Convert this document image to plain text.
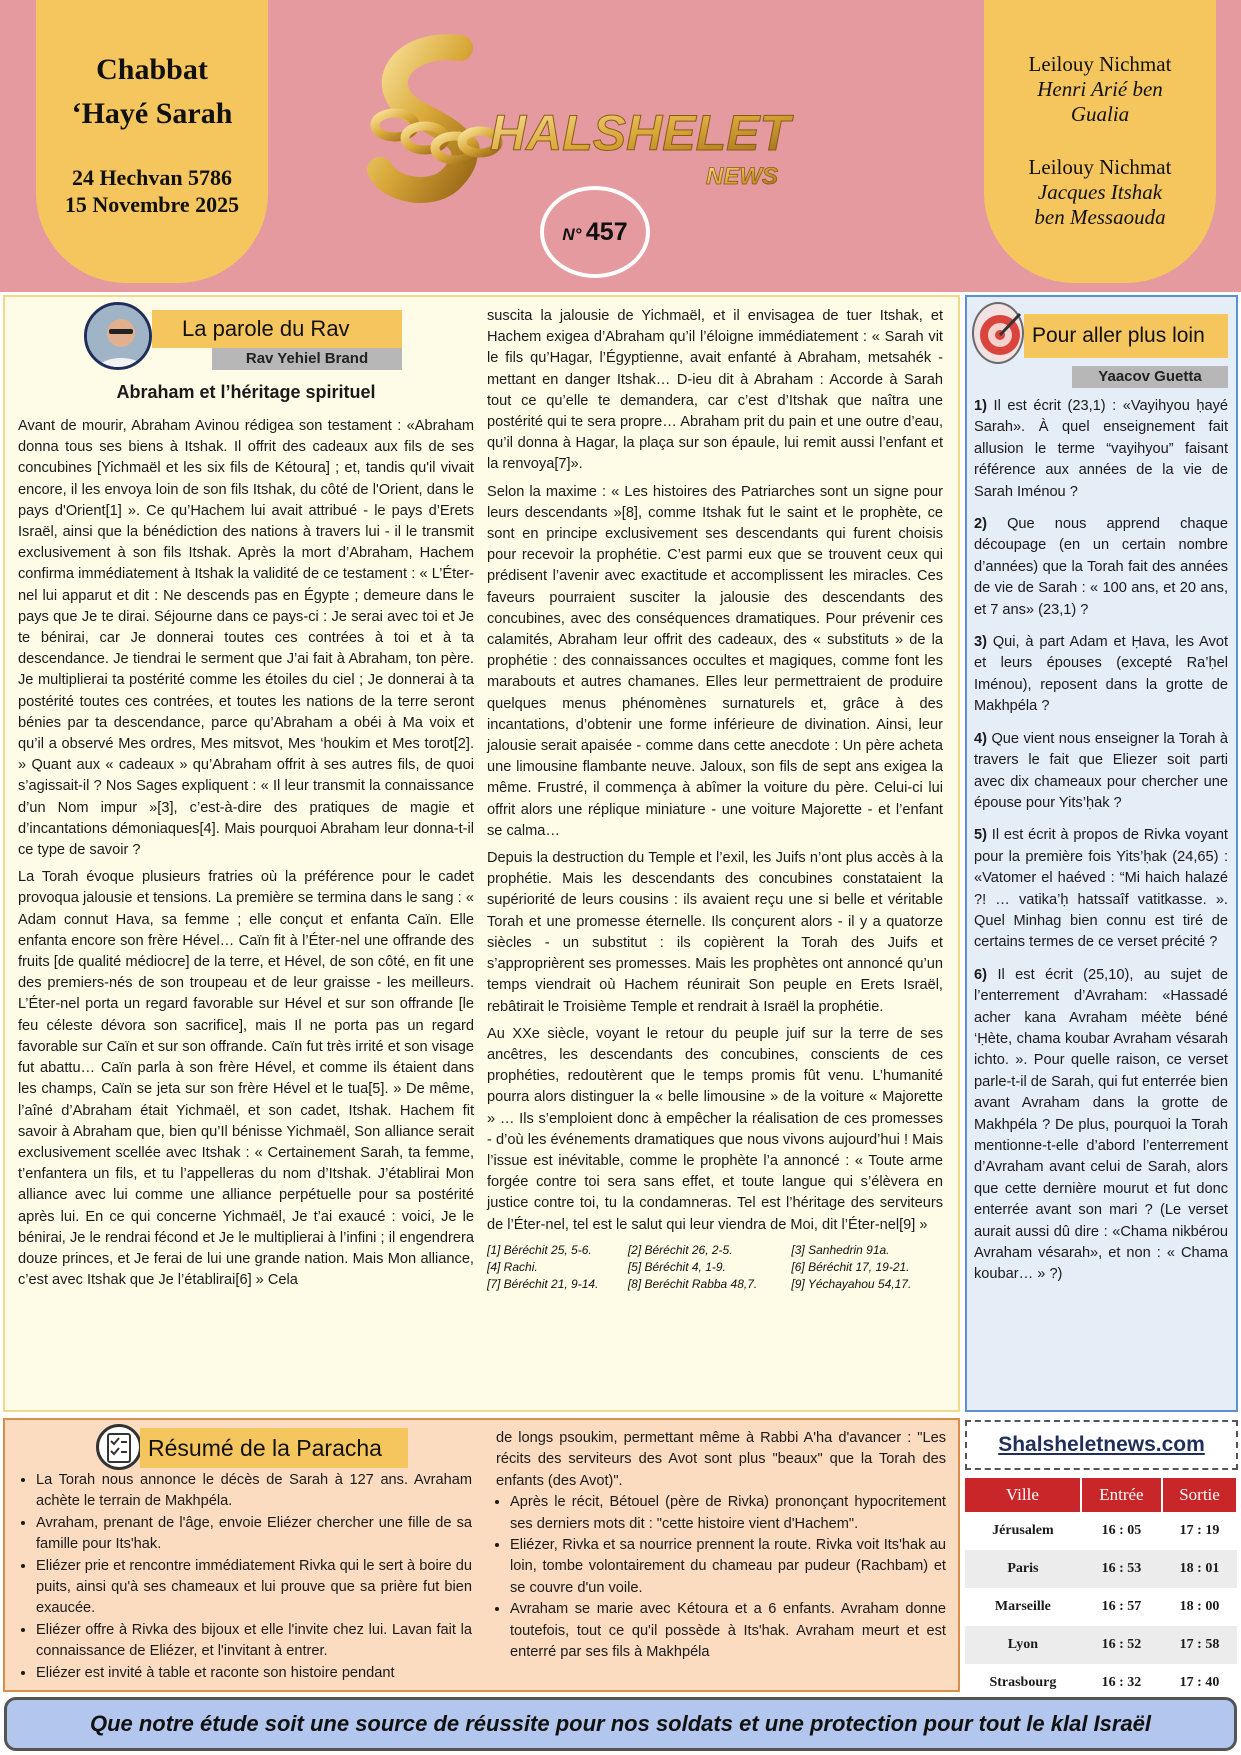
Chabbat
‘Hayé Sarah
24 Hechvan 5786
15 Novembre 2025
Leilouy Nichmat
Henri Arié ben
Gualia
Leilouy Nichmat
Jacques Itshak
ben Messaouda
HALSHELET
NEWS
N° 457
La parole du Rav
Rav Yehiel Brand
Abraham et l’héritage spirituel

Avant de mourir, Abraham Avinou rédigea son testament : «Abraham donna tous ses biens à Itshak. Il offrit des cadeaux aux fils de ses concubines [Yichmaël et les six fils de Kétoura] ; et, tandis qu'il vivait encore, il les envoya loin de son fils Itshak, du côté de l'Orient, dans le pays d'Orient[1] ». Ce qu’Hachem lui avait attribué - le pays d’Erets Israël, ainsi que la bénédiction des nations à travers lui - il le transmit exclusivement à son fils Itshak. Après la mort d’Abraham, Hachem confirma immédiatement à Itshak la validité de ce testament : « L’Éter-nel lui apparut et dit : Ne descends pas en Égypte ; demeure dans le pays que Je te dirai. Séjourne dans ce pays-ci : Je serai avec toi et Je te bénirai, car Je donnerai toutes ces contrées à toi et à ta descendance. Je tiendrai le serment que J’ai fait à Abraham, ton père. Je multiplierai ta postérité comme les étoiles du ciel ; Je donnerai à ta postérité toutes ces contrées, et toutes les nations de la terre seront bénies par ta descendance, parce qu’Abraham a obéi à Ma voix et qu’il a observé Mes ordres, Mes mitsvot, Mes ‘houkim et Mes torot[2]. » Quant aux « cadeaux » qu’Abraham offrit à ses autres fils, de quoi s’agissait-il ? Nos Sages expliquent : « Il leur transmit la connaissance d’un Nom impur »[3], c’est-à-dire des pratiques de magie et d’incantations démoniaques[4]. Mais pourquoi Abraham leur donna-t-il ce type de savoir ?

La Torah évoque plusieurs fratries où la préférence pour le cadet provoqua jalousie et tensions. La première se termina dans le sang : « Adam connut Hava, sa femme ; elle conçut et enfanta Caïn. Elle enfanta encore son frère Hével… Caïn fit à l’Éter-nel une offrande des fruits [de qualité médiocre] de la terre, et Hével, de son côté, en fit une des premiers-nés de son troupeau et de leur graisse - les meilleurs. L’Éter-nel porta un regard favorable sur Hével et sur son offrande [le feu céleste dévora son sacrifice], mais Il ne porta pas un regard favorable sur Caïn et sur son offrande. Caïn fut très irrité et son visage fut abattu… Caïn parla à son frère Hével, et comme ils étaient dans les champs, Caïn se jeta sur son frère Hével et le tua[5]. » De même, l’aîné d’Abraham était Yichmaël, et son cadet, Itshak. Hachem fit savoir à Abraham que, bien qu’Il bénisse Yichmaël, Son alliance serait exclusivement scellée avec Itshak : « Certainement Sarah, ta femme, t’enfantera un fils, et tu l’appelleras du nom d’Itshak. J’établirai Mon alliance avec lui comme une alliance perpétuelle pour sa postérité après lui. En ce qui concerne Yichmaël, Je t’ai exaucé : voici, Je le bénirai, Je le rendrai fécond et Je le multiplierai à l’infini ; il engendrera douze princes, et Je ferai de lui une grande nation. Mais Mon alliance, c’est avec Itshak que Je l’établirai[6] » Cela

suscita la jalousie de Yichmaël, et il envisagea de tuer Itshak, et Hachem exigea d’Abraham qu’il l’éloigne immédiatement : « Sarah vit le fils qu’Hagar, l’Égyptienne, avait enfanté à Abraham, metsahék - mettant en danger Itshak… D-ieu dit à Abraham : Accorde à Sarah tout ce qu’elle te demandera, car c’est d’Itshak que naîtra une postérité qui te sera propre… Abraham prit du pain et une outre d’eau, qu’il donna à Hagar, la plaça sur son épaule, lui remit aussi l’enfant et la renvoya[7]».

Selon la maxime : « Les histoires des Patriarches sont un signe pour leurs descendants »[8], comme Itshak fut le saint et le prophète, ce sont en principe exclusivement ses descendants qui furent choisis pour recevoir la prophétie. C’est parmi eux que se trouvent ceux qui prédisent l’avenir avec exactitude et accomplissent les miracles. Ces faveurs pourraient susciter la jalousie des descendants des concubines, avec des conséquences dramatiques. Pour prévenir ces calamités, Abraham leur offrit des cadeaux, des « substituts » de la prophétie : des connaissances occultes et magiques, comme font les marabouts et autres chamanes. Elles leur permettraient de produire quelques menus phénomènes surnaturels et, grâce à des incantations, d’obtenir une forme inférieure de divination. Ainsi, leur jalousie serait apaisée - comme dans cette anecdote : Un père acheta une limousine flambante neuve. Jaloux, son fils de sept ans exigea la même. Frustré, il commença à abîmer la voiture du père. Celui-ci lui offrit alors une réplique miniature - une voiture Majorette - et l’enfant se calma…

Depuis la destruction du Temple et l’exil, les Juifs n’ont plus accès à la prophétie. Mais les descendants des concubines constataient la supériorité de leurs cousins : ils avaient reçu une si belle et véritable Torah et une promesse éternelle. Ils conçurent alors - il y a quatorze siècles - un substitut : ils copièrent la Torah des Juifs et s’approprièrent ses promesses. Mais les prophètes ont annoncé qu’un temps viendrait où Hachem réunirait Son peuple en Erets Israël, rebâtirait le Troisième Temple et rendrait à Israël la prophétie.

Au XXe siècle, voyant le retour du peuple juif sur la terre de ses ancêtres, les descendants des concubines, conscients de ces prophéties, redoutèrent que le temps promis fût venu. L’humanité pourra alors distinguer la « belle limousine » de la voiture « Majorette » … Ils s’emploient donc à empêcher la réalisation de ces promesses - d’où les événements dramatiques que nous vivons aujourd’hui ! Mais l’issue est inévitable, comme le prophète l’a annoncé : « Toute arme forgée contre toi sera sans effet, et toute langue qui s’élèvera en justice contre toi, tu la condamneras. Tel est l’héritage des serviteurs de l’Éter-nel, tel est le salut qui leur viendra de Moi, dit l’Éter-nel[9] »

[1] Béréchit 25, 5-6.	[2] Béréchit 26, 2-5.	[3] Sanhedrin 91a.
[4] Rachi.	[5] Béréchit 4, 1-9.	[6] Béréchit 17, 19-21.
[7] Béréchit 21, 9-14.	[8] Beréchit Rabba 48,7.	[9] Yéchayahou 54,17.
Pour aller plus loin
Yaacov Guetta

1) Il est écrit (23,1) : «Vayihyou ḥayé Sarah». À quel enseignement fait allusion le terme “vayihyou” faisant référence aux années de la vie de Sarah Iménou ?

2) Que nous apprend chaque découpage (en un certain nombre d’années) que la Torah fait des années de vie de Sarah : « 100 ans, et 20 ans, et 7 ans» (23,1) ?

3) Qui, à part Adam et Ḥava, les Avot et leurs épouses (excepté Ra’ḥel Iménou), reposent dans la grotte de Makhpéla ?

4) Que vient nous enseigner la Torah à travers le fait que Eliezer soit parti avec dix chameaux pour chercher une épouse pour Yits’ḥak ?

5) Il est écrit à propos de Rivka voyant pour la première fois Yits’ḥak (24,65) : «Vatomer el haéved : “Mi haich halazé ?! … vatika’ḥ hatssaîf vatitkasse. ». Quel Minhag bien connu est tiré de certains termes de ce verset précité ?

6) Il est écrit (25,10), au sujet de l’enterrement d’Avraham: «Hassadé acher kana Avraham méète béné ‘Ḥète, chama koubar Avraham vésarah ichto. ». Pour quelle raison, ce verset parle-t-il de Sarah, qui fut enterrée bien avant Avraham dans la grotte de Makhpéla ? De plus, pourquoi la Torah mentionne-t-elle d’abord l’enterrement d’Avraham avant celui de Sarah, alors que cette dernière mourut et fut donc enterrée avant son mari ? (Le verset aurait aussi dû dire : «Chama nikbérou Avraham vésarah», et non : « Chama koubar… » ?)

Résumé de la Paracha
• La Torah nous annonce le décès de Sarah à 127 ans. Avraham achète le terrain de Makhpéla.
• Avraham, prenant de l'âge, envoie Eliézer chercher une fille de sa famille pour Its'hak.
• Eliézer prie et rencontre immédiatement Rivka qui le sert à boire du puits, ainsi qu'à ses chameaux et lui prouve que sa prière fut bien exaucée.
• Eliézer offre à Rivka des bijoux et elle l'invite chez lui. Lavan fait la connaissance de Eliézer, et l'invitant à entrer.
• Eliézer est invité à table et raconte son histoire pendant

de longs psoukim, permettant même à Rabbi A'ha d'avancer : "Les récits des serviteurs des Avot sont plus "beaux" que la Torah des enfants (des Avot)".

• Après le récit, Bétouel (père de Rivka) prononçant hypocritement ses derniers mots dit : "cette histoire vient d'Hachem".
• Eliézer, Rivka et sa nourrice prennent la route. Rivka voit Its'hak au loin, tombe volontairement du chameau par pudeur (Rachbam) et se couvre d'un voile.
• Avraham se marie avec Kétoura et a 6 enfants. Avraham donne toutefois, tout ce qu'il possède à Its'hak. Avraham meurt et est enterré par ses fils à Makhpéla
Shalsheletnews.com
Ville	Entrée	Sortie
Jérusalem	16 : 05	17 : 19
Paris	16 : 53	18 : 01
Marseille	16 : 57	18 : 00
Lyon	16 : 52	17 : 58
Strasbourg	16 : 32	17 : 40
Que notre étude soit une source de réussite pour nos soldats et une protection pour tout le klal Israël
